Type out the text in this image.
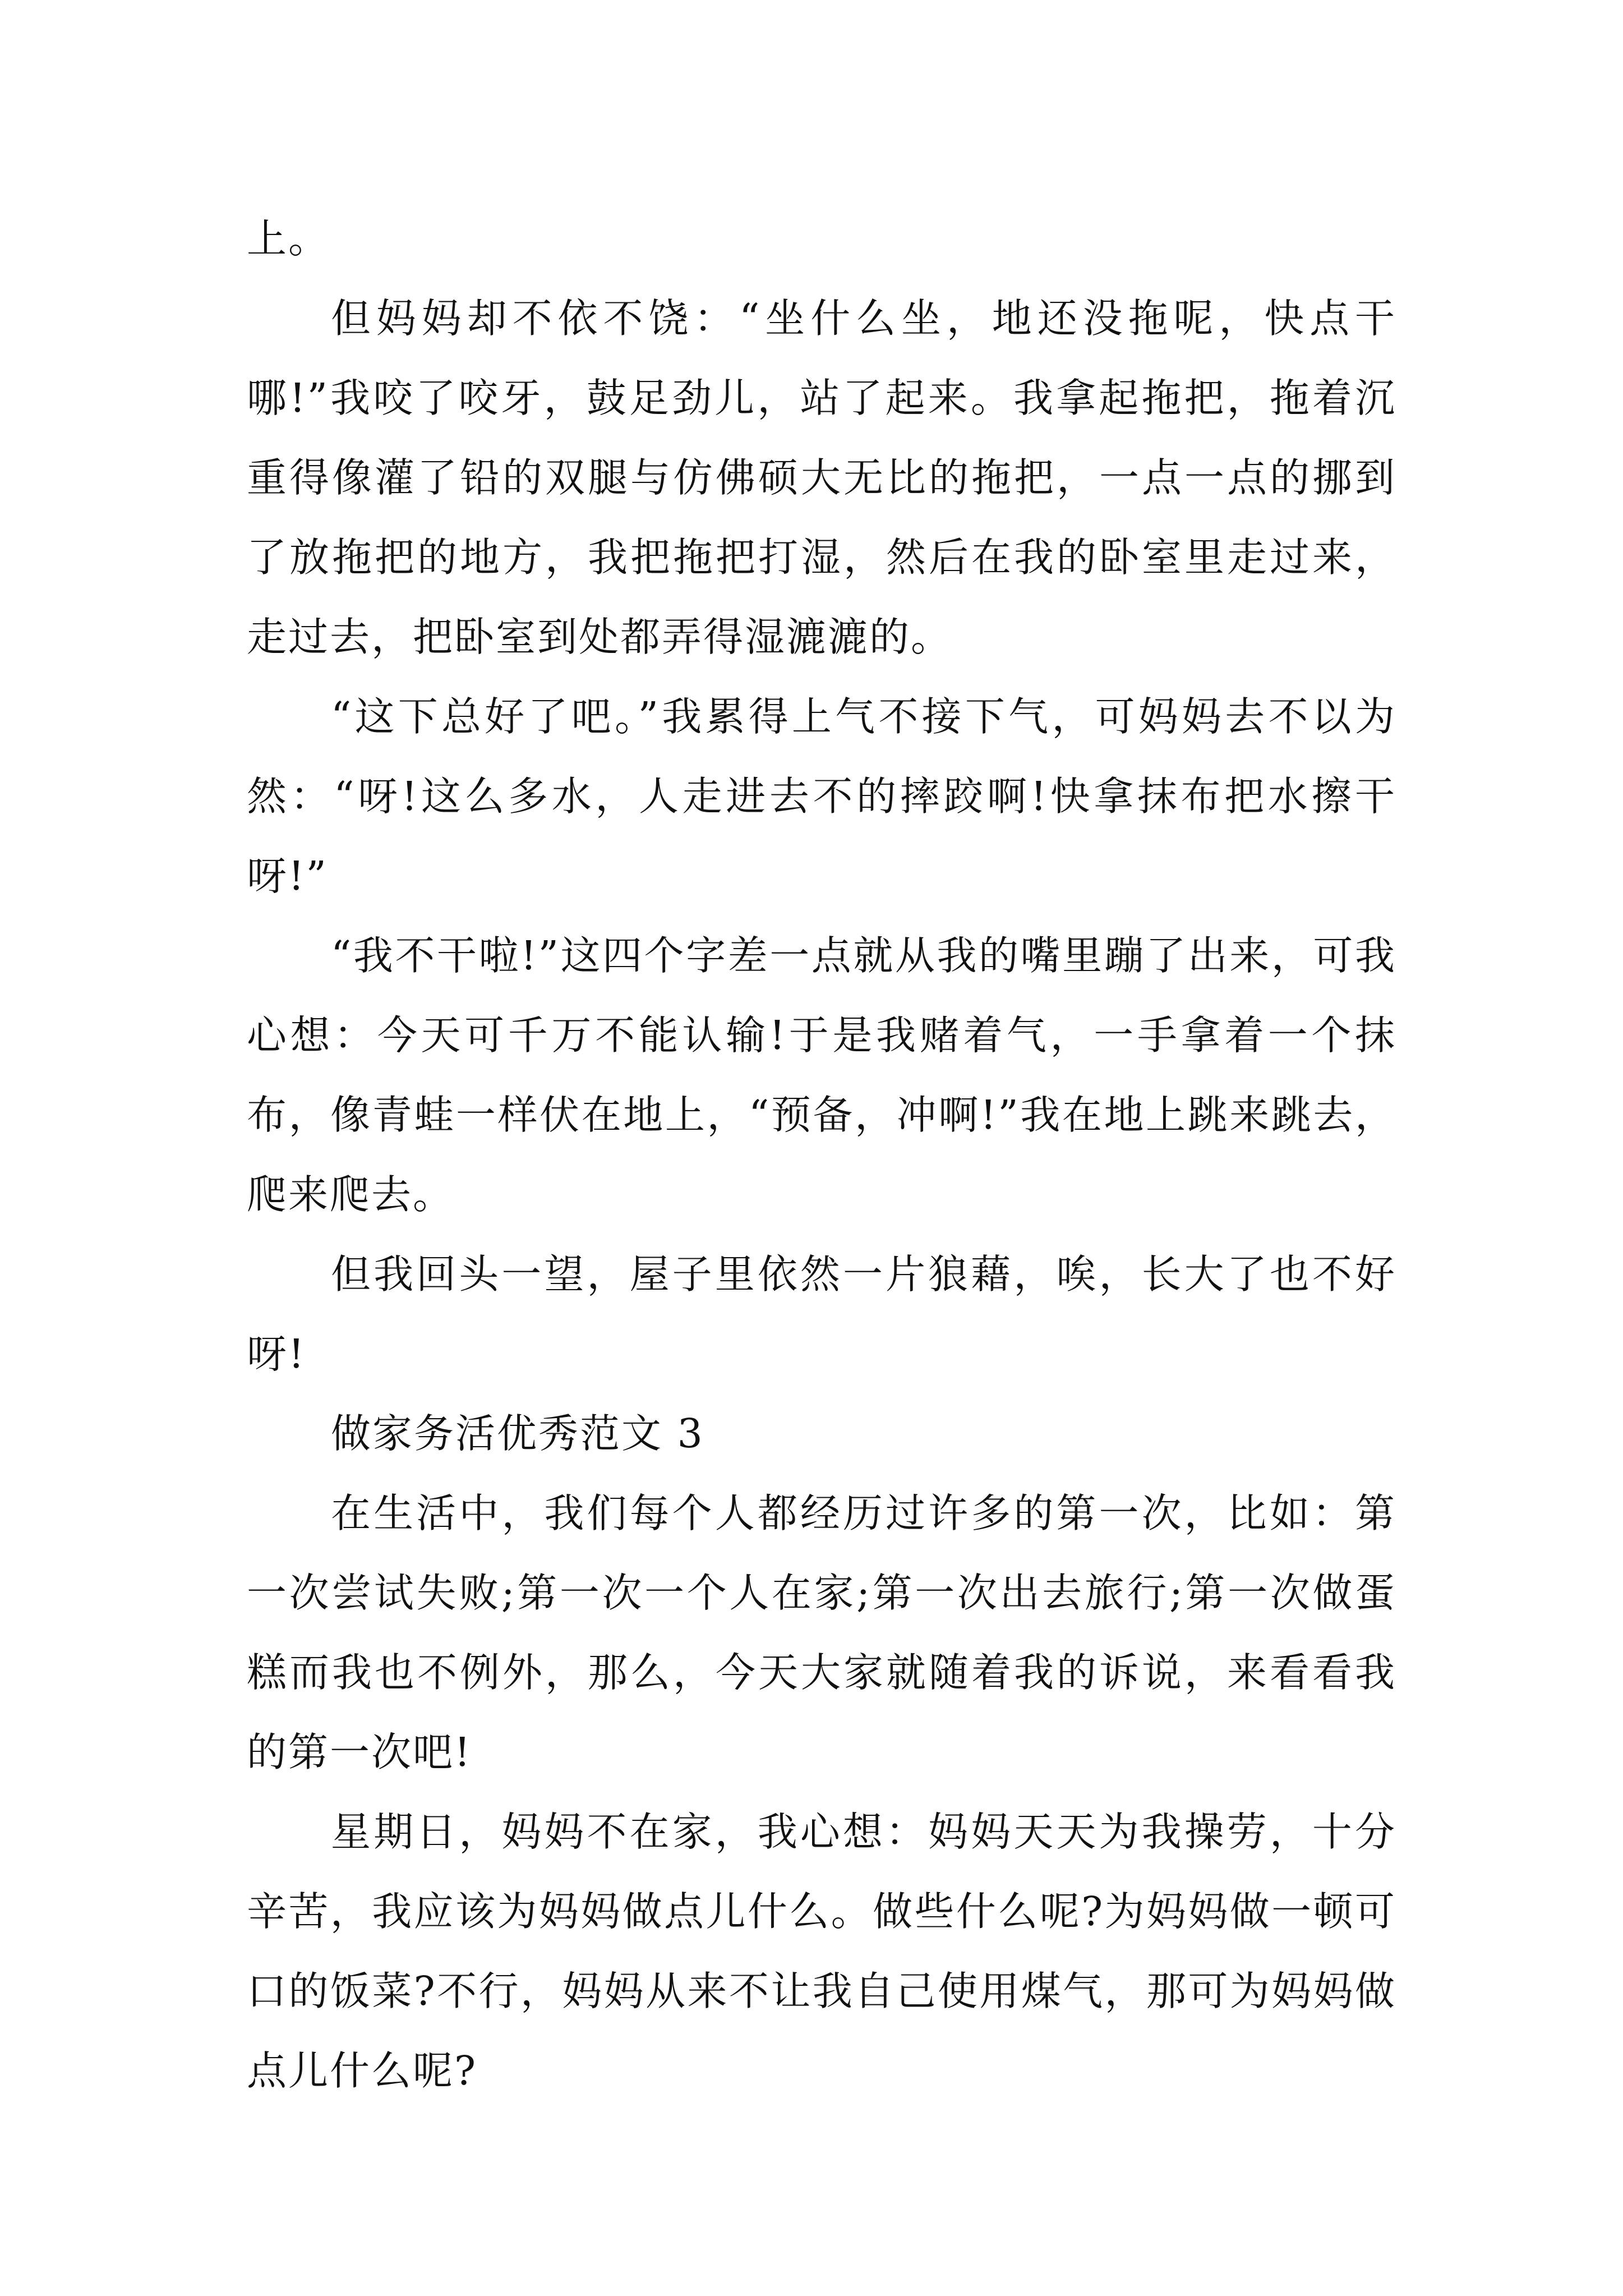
上。

但妈妈却不依不饶：“坐什么坐，地还没拖呢，快点干哪!”我咬了咬牙，鼓足劲儿，站了起来。我拿起拖把，拖着沉重得像灌了铅的双腿与仿佛硕大无比的拖把，一点一点的挪到了放拖把的地方，我把拖把打湿，然后在我的卧室里走过来，走过去，把卧室到处都弄得湿漉漉的。

“这下总好了吧。”我累得上气不接下气，可妈妈去不以为然：“呀!这么多水，人走进去不的摔跤啊!快拿抹布把水擦干呀!”

“我不干啦!”这四个字差一点就从我的嘴里蹦了出来，可我心想：今天可千万不能认输!于是我赌着气，一手拿着一个抹布，像青蛙一样伏在地上，“预备，冲啊!”我在地上跳来跳去，爬来爬去。

但我回头一望，屋子里依然一片狼藉，唉，长大了也不好呀!

做家务活优秀范文 3

在生活中，我们每个人都经历过许多的第一次，比如：第一次尝试失败;第一次一个人在家;第一次出去旅行;第一次做蛋糕而我也不例外，那么，今天大家就随着我的诉说，来看看我的第一次吧!

星期日，妈妈不在家，我心想：妈妈天天为我操劳，十分辛苦，我应该为妈妈做点儿什么。做些什么呢?为妈妈做一顿可口的饭菜?不行，妈妈从来不让我自己使用煤气，那可为妈妈做点儿什么呢?
